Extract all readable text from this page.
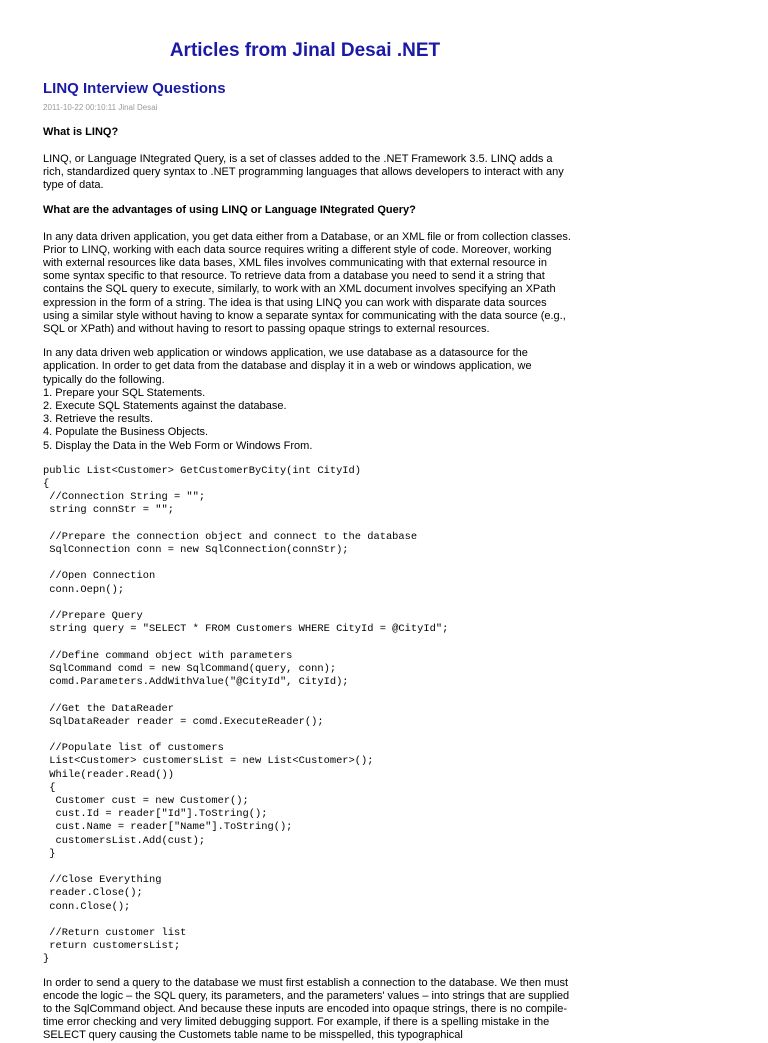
Articles from Jinal Desai .NET
LINQ Interview Questions
2011-10-22 00:10:11 Jinal Desai
What is LINQ?

LINQ, or Language INtegrated Query, is a set of classes added to the .NET Framework 3.5. LINQ adds a rich, standardized query syntax to .NET programming languages that allows developers to interact with any type of data.

What are the advantages of using LINQ or Language INtegrated Query?

In any data driven application, you get data either from a Database, or an XML file or from collection classes. Prior to LINQ, working with each data source requires writing a different style of code. Moreover, working with external resources like data bases, XML files involves communicating with that external resource in some syntax specific to that resource. To retrieve data from a database you need to send it a string that contains the SQL query to execute, similarly, to work with an XML document involves specifying an XPath expression in the form of a string. The idea is that using LINQ you can work with disparate data sources using a similar style without having to know a separate syntax for communicating with the data source (e.g., SQL or XPath) and without having to resort to passing opaque strings to external resources.

In any data driven web application or windows application, we use database as a datasource for the application. In order to get data from the database and display it in a web or windows application, we typically do the following.

1. Prepare your SQL Statements.
2. Execute SQL Statements against the database.
3. Retrieve the results.
4. Populate the Business Objects.
5. Display the Data in the Web Form or Windows From.
public List<Customer> GetCustomerByCity(int CityId)
{
//Connection String = "";
string connStr = "";

//Prepare the connection object and connect to the database
SqlConnection conn = new SqlConnection(connStr);

//Open Connection
conn.Oepn();

//Prepare Query
string query = "SELECT * FROM Customers WHERE CityId = @CityId";

//Define command object with parameters
SqlCommand comd = new SqlCommand(query, conn);
comd.Parameters.AddWithValue("@CityId", CityId);

//Get the DataReader
SqlDataReader reader = comd.ExecuteReader();

//Populate list of customers
List<Customer> customersList = new List<Customer>();
While(reader.Read())
{
Customer cust = new Customer();
cust.Id = reader["Id"].ToString();
cust.Name = reader["Name"].ToString();
customersList.Add(cust);
}

//Close Everything
reader.Close();
conn.Close();

//Return customer list
return customersList;
}

In order to send a query to the database we must first establish a connection to the database. We then must encode the logic – the SQL query, its parameters, and the parameters' values – into strings that are supplied to the SqlCommand object. And because these inputs are encoded into opaque strings, there is no compile-time error checking and very limited debugging support. For example, if there is a spelling mistake in the SELECT query causing the Customets table name to be misspelled, this typographical
